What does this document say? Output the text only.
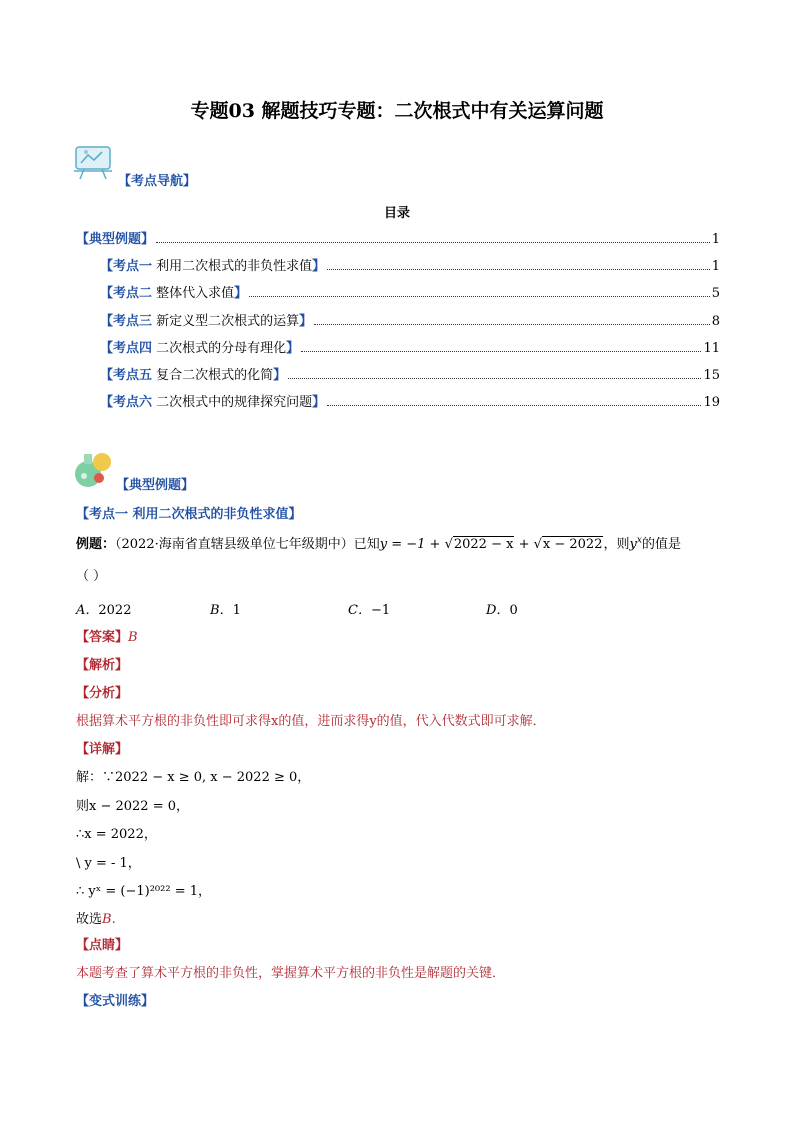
专题03 解题技巧专题：二次根式中有关运算问题
【考点导航】
目录
【典型例题】	1
【考点一 利用二次根式的非负性求值】	1
【考点二 整体代入求值】	5
【考点三 新定义型二次根式的运算】	8
【考点四 二次根式的分母有理化】	11
【考点五 复合二次根式的化简】	15
【考点六 二次根式中的规律探究问题】	19
【典型例题】
【考点一 利用二次根式的非负性求值】
例题：（2022·海南省直辖县级单位七年级期中）已知y = −1 + √2022 − x + √x − 2022，则$y^x$的值是
（ ）
A．2022	B．1	C．−1	D．0
【答案】B
【解析】
【分析】
根据算术平方根的非负性即可求得x的值，进而求得y的值，代入代数式即可求解．
【详解】
解：∵2022 − x ≥ 0, x − 2022 ≥ 0，
则x − 2022 = 0，
∴x = 2022，
\ y = - 1，
∴ yˣ = (−1)²⁰²² = 1，
故选B.
【点睛】
本题考查了算术平方根的非负性，掌握算术平方根的非负性是解题的关键．
【变式训练】
